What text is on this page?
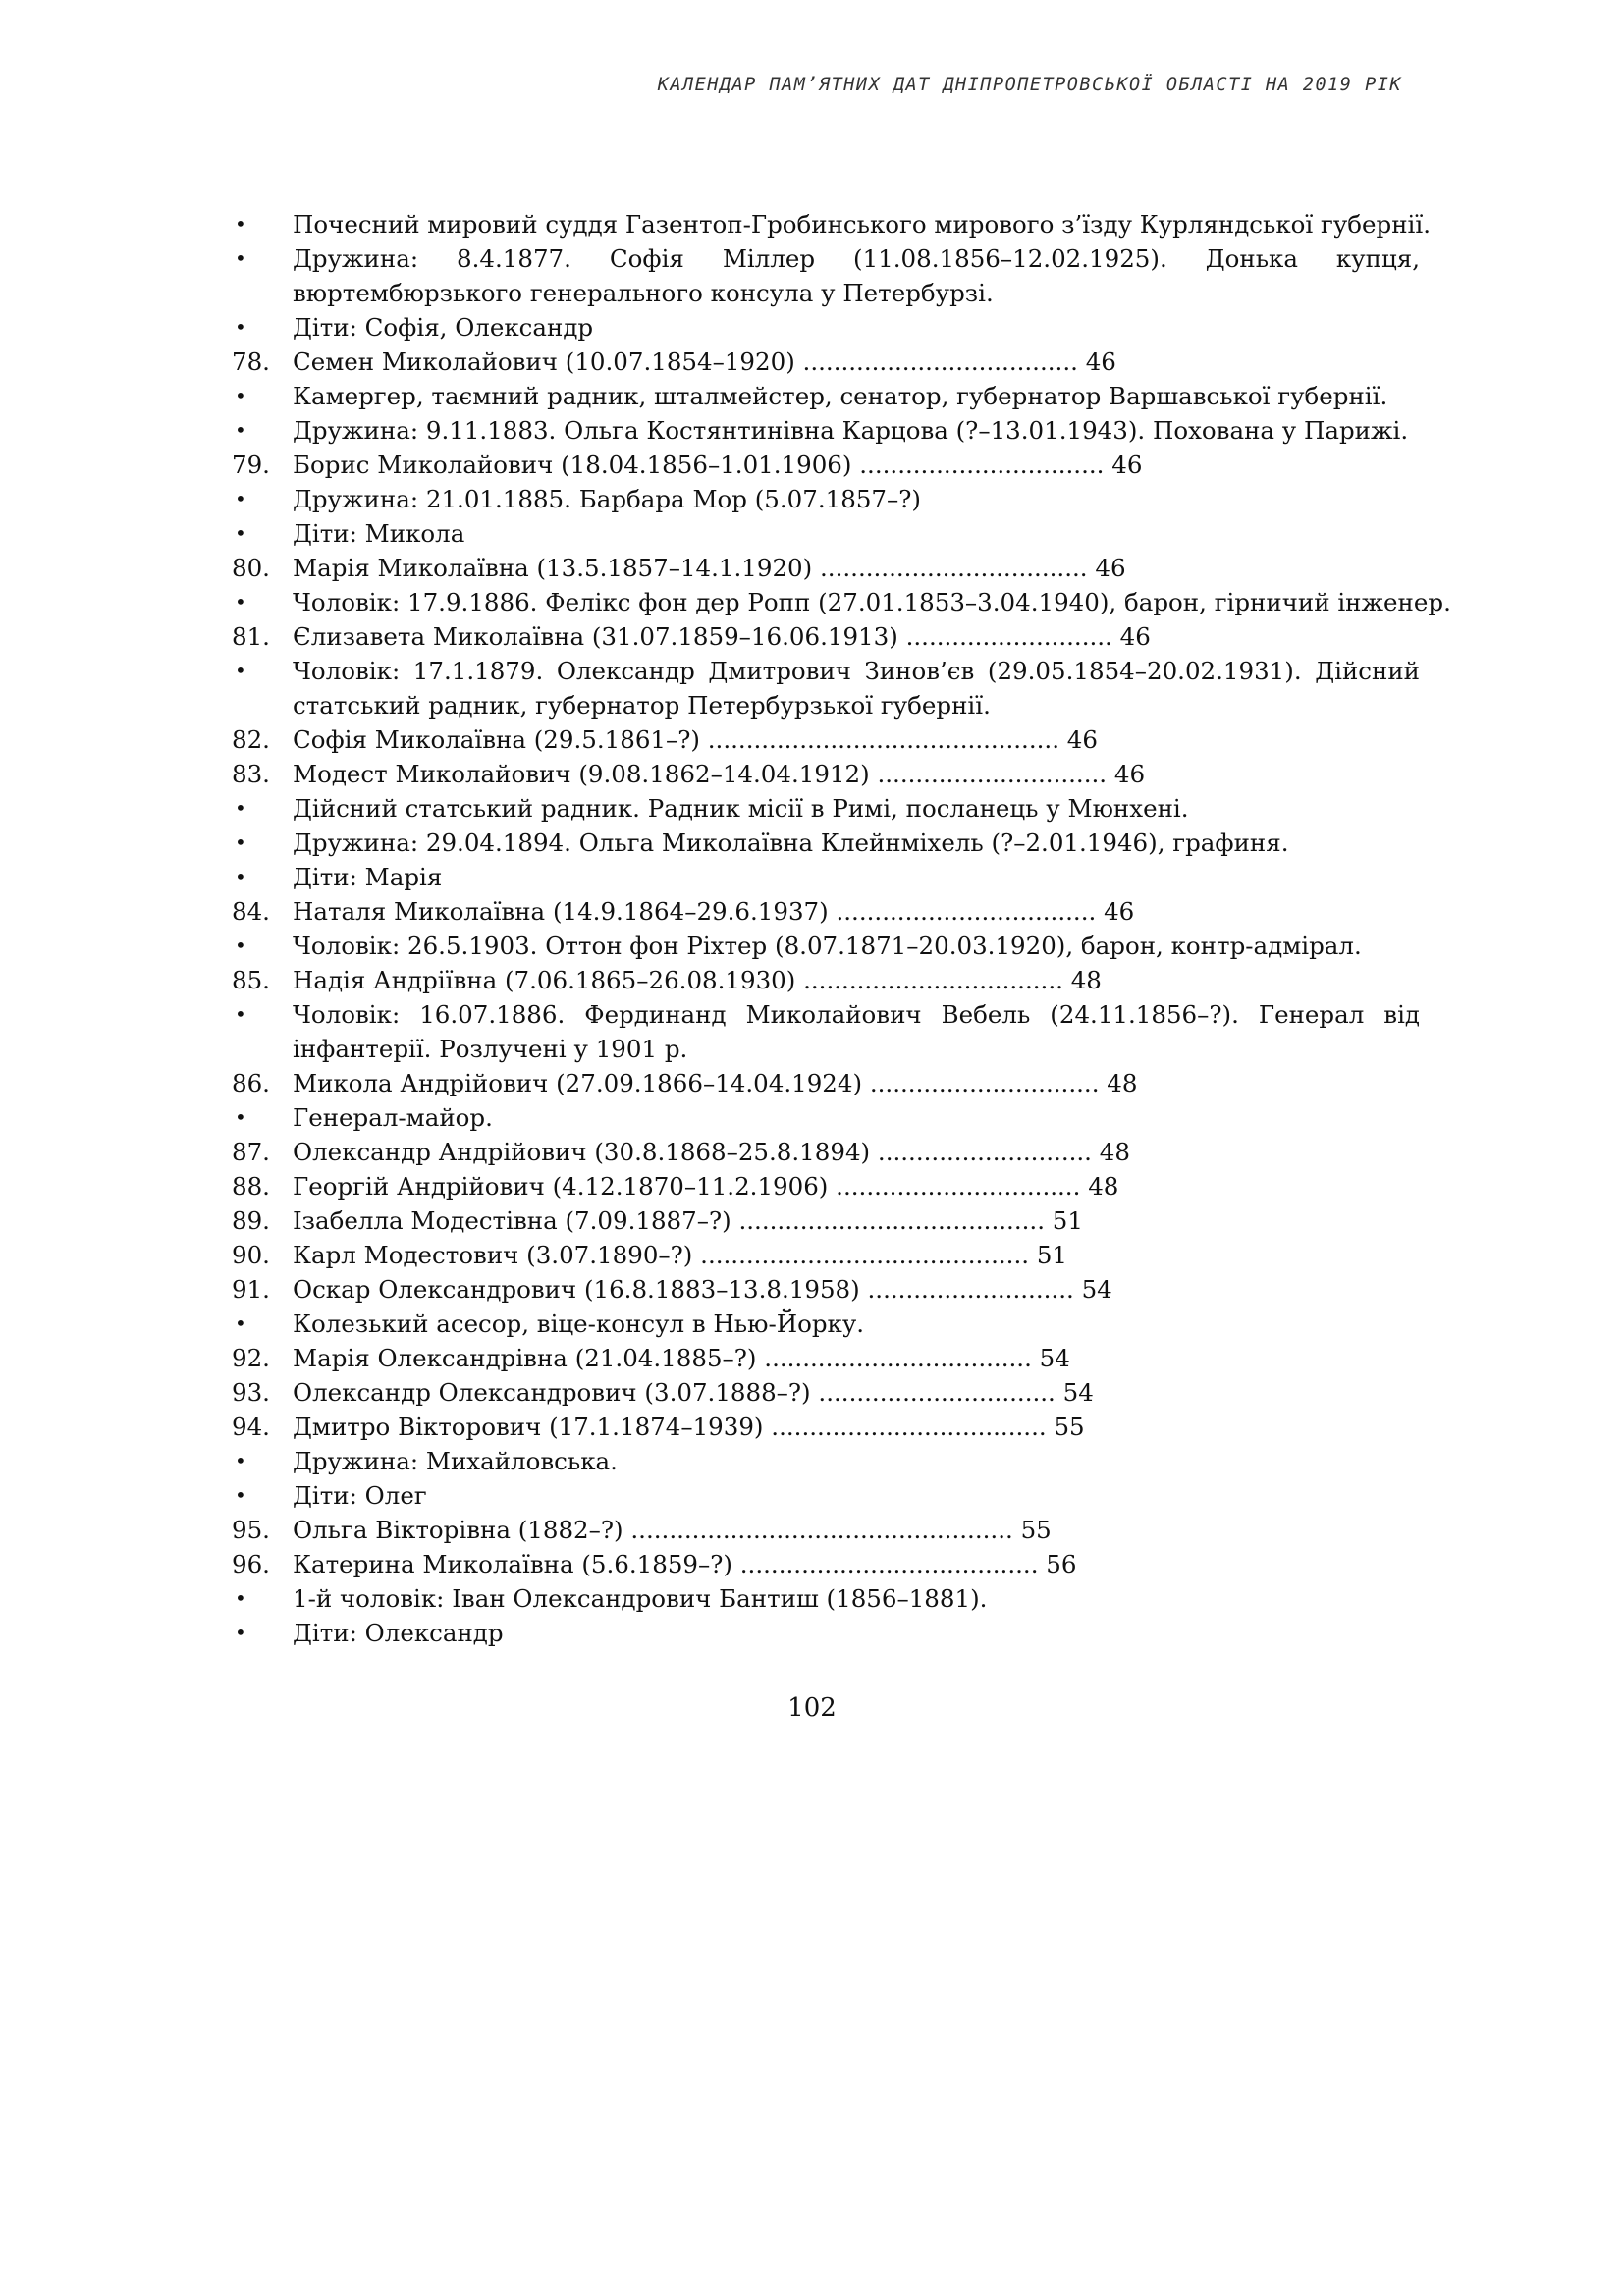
КАЛЕНДАР ПАМ’ЯТНИХ ДАТ ДНІПРОПЕТРОВСЬКОЇ ОБЛАСТІ НА 2019 РІК
•	Почесний мировий суддя Газентоп-Гробинського мирового з’їзду Курляндської губернії.
•	Дружина: 8.4.1877. Софія Міллер (11.08.1856–12.02.1925). Донька купця, вюртембюрзького генерального консула у Петербурзі.
•	Діти: Софія, Олександр
78. Семен Миколайович (10.07.1854–1920) .................................... 46
•	Камергер, таємний радник, шталмейстер, сенатор, губернатор Варшавської губернії.
•	Дружина: 9.11.1883. Ольга Костянтинівна Карцова (?–13.01.1943). Похована у Парижі.
79. Борис Миколайович (18.04.1856–1.01.1906) ................................ 46
•	Дружина: 21.01.1885. Барбара Мор (5.07.1857–?)
•	Діти: Микола
80. Марія Миколаївна (13.5.1857–14.1.1920) ................................... 46
•	Чоловік: 17.9.1886. Фелікс фон дер Ропп (27.01.1853–3.04.1940), барон, гірничий інженер.
81. Єлизавета Миколаївна (31.07.1859–16.06.1913) ........................... 46
•	Чоловік: 17.1.1879. Олександр Дмитрович Зинов’єв (29.05.1854–20.02.1931). Дійсний статський радник, губернатор Петербурзької губернії.
82. Софія Миколаївна (29.5.1861–?) .............................................. 46
83. Модест Миколайович (9.08.1862–14.04.1912) .............................. 46
•	Дійсний статський радник. Радник місії в Римі, посланець у Мюнхені.
•	Дружина: 29.04.1894. Ольга Миколаївна Клейнміхель (?–2.01.1946), графиня.
•	Діти: Марія
84. Наталя Миколаївна (14.9.1864–29.6.1937) .................................. 46
•	Чоловік: 26.5.1903. Оттон фон Ріхтер (8.07.1871–20.03.1920), барон, контр-адмірал.
85. Надія Андріївна (7.06.1865–26.08.1930) .................................. 48
•	Чоловік: 16.07.1886. Фердинанд Миколайович Вебель (24.11.1856–?). Генерал від інфантерії. Розлучені у 1901 р.
86. Микола Андрійович (27.09.1866–14.04.1924) .............................. 48
•	Генерал-майор.
87. Олександр Андрійович (30.8.1868–25.8.1894) ............................ 48
88. Георгій Андрійович (4.12.1870–11.2.1906) ................................ 48
89. Ізабелла Модестівна (7.09.1887–?) ........................................ 51
90. Карл Модестович (3.07.1890–?) ........................................... 51
91. Оскар Олександрович (16.8.1883–13.8.1958) ........................... 54
•	Колезький асесор, віце-консул в Нью-Йорку.
92. Марія Олександрівна (21.04.1885–?) ................................... 54
93. Олександр Олександрович (3.07.1888–?) ............................... 54
94. Дмитро Вікторович (17.1.1874–1939) .................................... 55
•	Дружина: Михайловська.
•	Діти: Олег
95. Ольга Вікторівна (1882–?) .................................................. 55
96. Катерина Миколаївна (5.6.1859–?) ....................................... 56
•	1-й чоловік: Іван Олександрович Бантиш (1856–1881).
•	Діти: Олександр
102
